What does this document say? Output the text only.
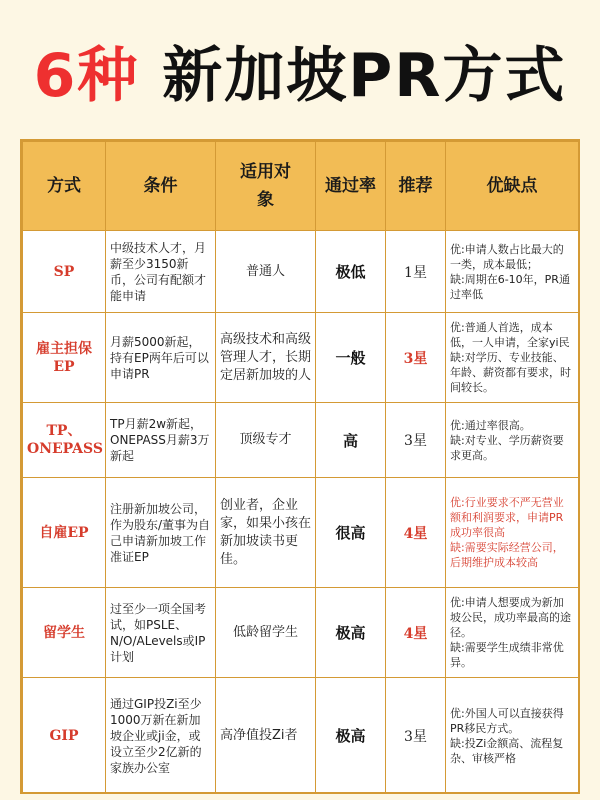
6种 新加坡PR方式
方式	条件	适用对象	通过率	推荐	优缺点
SP	中级技术人才，月薪至少3150新币，公司有配额才能申请	普通人	极低	1星	优:申请人数占比最大的一类，成本最低；
缺:周期在6-10年，PR通过率低

雇主担保EP	月薪5000新起，持有EP两年后可以申请PR	高级技术和高级管理人才，长期定居新加坡的人	一般	3星	优:普通人首选，成本低，一人申请，全家yi民
缺:对学历、专业技能、年龄、薪资都有要求，时间较长。

TP、ONEPASS	TP月薪2w新起，ONEPASS月薪3万新起	顶级专才	高	3星	优:通过率很高。
缺:对专业、学历薪资要求更高。

自雇EP	注册新加坡公司，作为股东/董事为自己申请新加坡工作准证EP	创业者，企业家，如果小孩在新加坡读书更佳。	很高	4星	优:行业要求不严无营业额和利润要求，申请PR成功率很高
缺:需要实际经营公司，后期维护成本较高

留学生	过至少一项全国考试，如PSLE、N/O/ALevels或IP计划	低龄留学生	极高	4星	优:申请人想要成为新加坡公民，成功率最高的途径。
缺:需要学生成绩非常优异。

GIP	通过GIP投Zi至少1000万新在新加坡企业或ji金，或设立至少2亿新的家族办公室	高净值投Zi者	极高	3星	优:外国人可以直接获得PR移民方式。
缺:投Zi金额高、流程复杂、审核严格
